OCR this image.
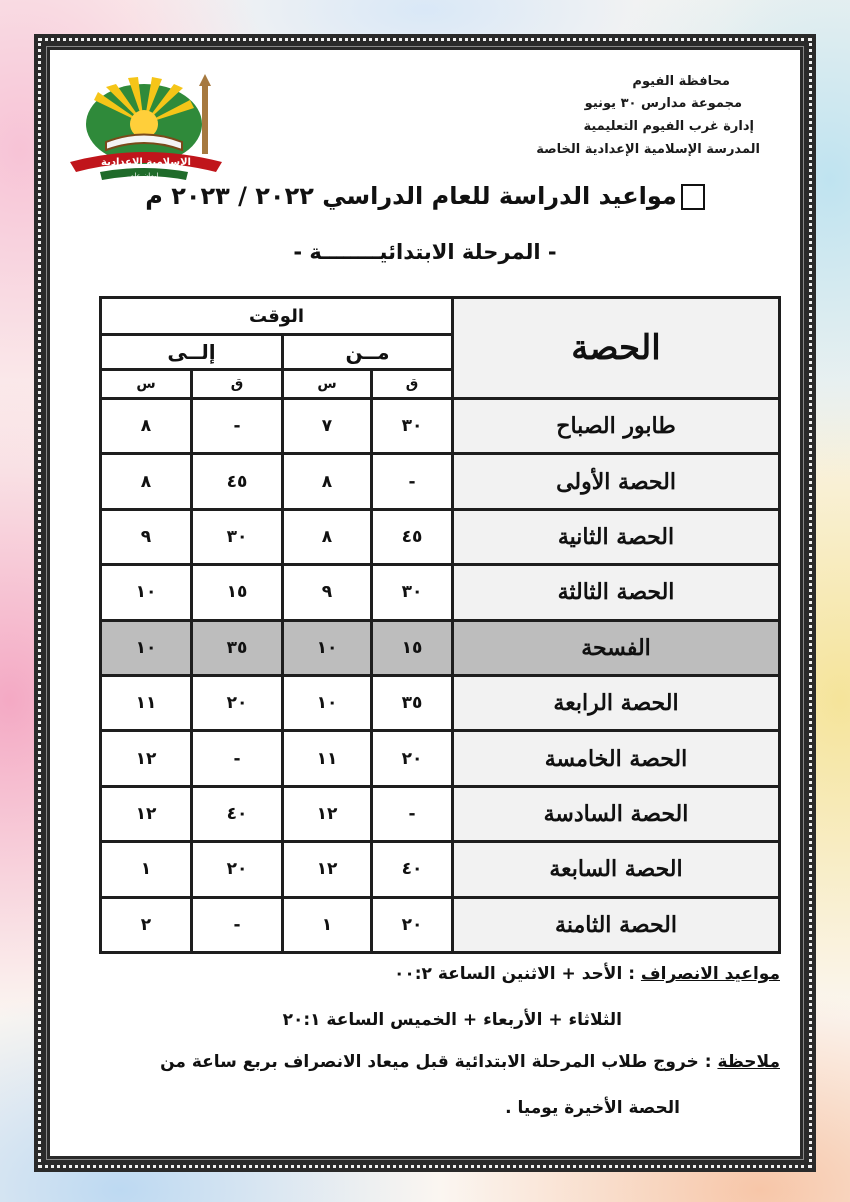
محافظة الفيوم
مجموعة مدارس ٣٠ يونيو
إدارة غرب الفيوم التعليمية
المدرسة الإسلامية الإعدادية الخاصة
الإسلامية الإعدادية
إيمان علم
مواعيد الدراسة للعام الدراسي ٢٠٢٢ / ٢٠٢٣ م
- المرحلة الابتدائيــــــــة -
الحصة	الوقت			
	مــن		إلــى	
	ق	س	ق	س
طابور الصباح	٣٠	٧	-	٨
الحصة الأولى	-	٨	٤٥	٨
الحصة الثانية	٤٥	٨	٣٠	٩
الحصة الثالثة	٣٠	٩	١٥	١٠
الفسحة	١٥	١٠	٣٥	١٠
الحصة الرابعة	٣٥	١٠	٢٠	١١
الحصة الخامسة	٢٠	١١	-	١٢
الحصة السادسة	-	١٢	٤٠	١٢
الحصة السابعة	٤٠	١٢	٢٠	١
الحصة الثامنة	٢٠	١	-	٢
مواعيد الانصراف : الأحد + الاثنين الساعة ٠٠:٢
الثلاثاء + الأربعاء + الخميس الساعة ٢٠:١
ملاحظة : خروج طلاب المرحلة الابتدائية قبل ميعاد الانصراف بربع ساعة من
الحصة الأخيرة يوميا .
